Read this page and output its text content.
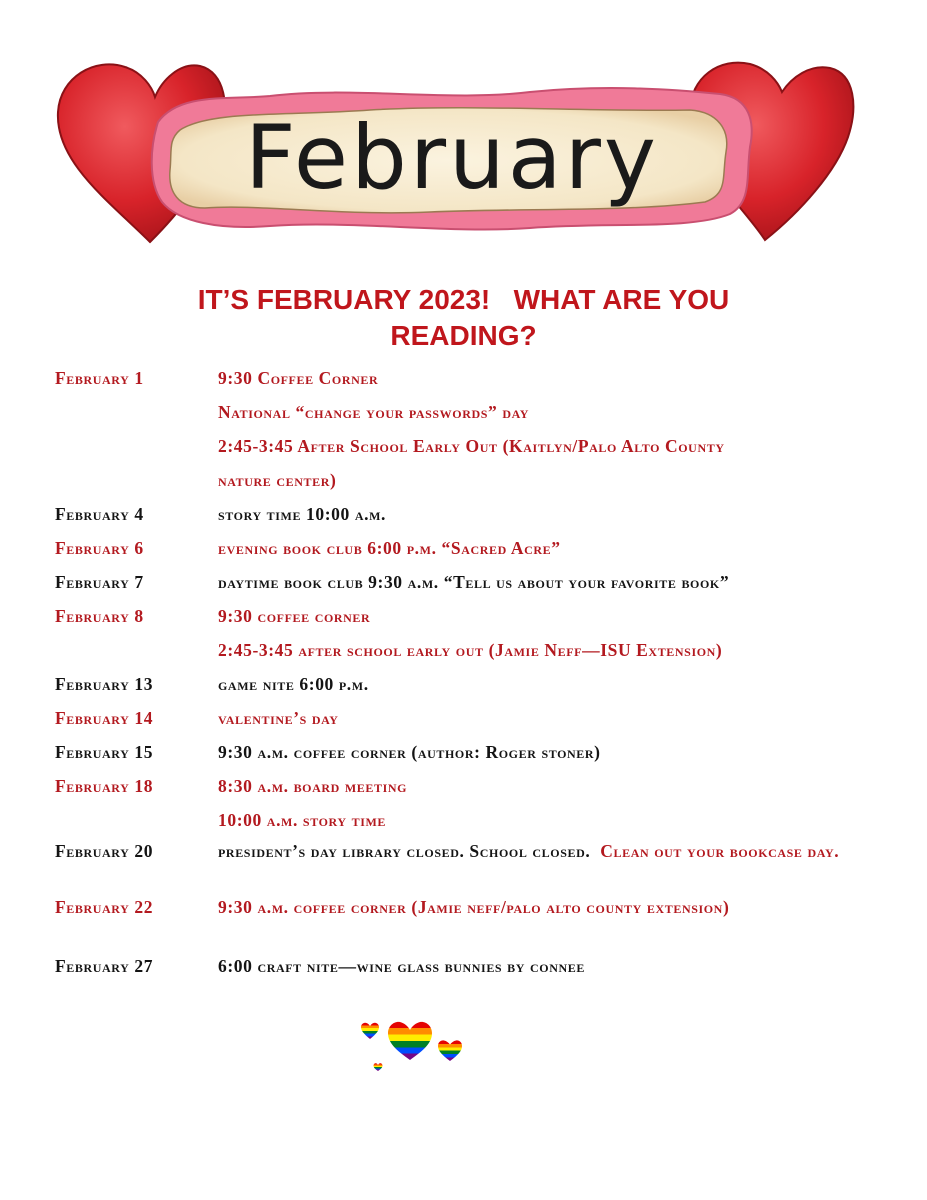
February
IT’S FEBRUARY 2023!   WHAT ARE YOU
READING?
February 1	9:30 Coffee Corner
National “change your passwords” day
2:45-3:45 After School Early Out (Kaitlyn/Palo Alto County
nature center)
February 4	story time 10:00 a.m.
February 6	evening book club 6:00 p.m. “Sacred Acre”
February 7	daytime book club 9:30 a.m. “Tell us about your favorite book”
February 8	9:30 coffee corner
2:45-3:45 after school early out (Jamie Neff—ISU Extension)
February 13	game nite 6:00 p.m.
February 14	valentine’s day
February 15	9:30 a.m. coffee corner (author: Roger stoner)
February 18	8:30 a.m. board meeting
10:00 a.m. story time
February 20	president’s day library closed. School closed. Clean out your bookcase day.
February 22	9:30 a.m. coffee corner (Jamie neff/palo alto county extension)
February 27	6:00 craft nite—wine glass bunnies by connee
